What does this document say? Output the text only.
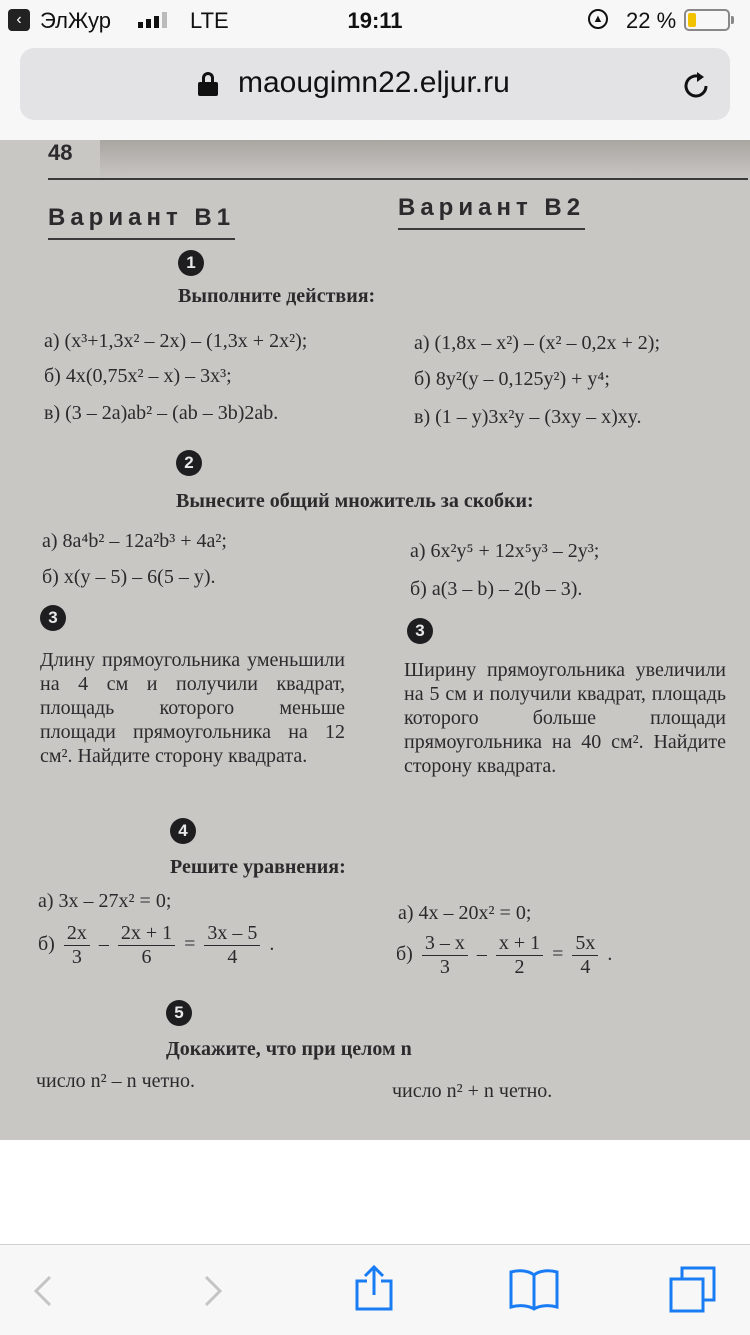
‹ ЭлЖур	LTE	19:11	▲ 22 %
maougimn22.eljur.ru
48
Вариант В1	Вариант В2
1
Выполните действия:
а) (x³+1,3x² – 2x) – (1,3x + 2x²);
б) 4x(0,75x² – x) – 3x³;
в) (3 – 2a)ab² – (ab – 3b)2ab.
а) (1,8x – x²) – (x² – 0,2x + 2);
б) 8y²(y – 0,125y²) + y⁴;
в) (1 – y)3x²y – (3xy – x)xy.
2
Вынесите общий множитель за скобки:
а) 8a⁴b² – 12a²b³ + 4a²;
б) x(y – 5) – 6(5 – y).
а) 6x²y⁵ + 12x⁵y³ – 2y³;
б) a(3 – b) – 2(b – 3).
3
Длину прямоугольника уменьшили на 4 см и получили квадрат, площадь которого меньше площади прямоугольника на 12 см². Найдите сторону квадрата.
3
Ширину прямоугольника увеличили на 5 см и получили квадрат, площадь которого больше площади прямоугольника на 40 см². Найдите сторону квадрата.
4
Решите уравнения:
а) 3x – 27x² = 0;
$б) \frac{2x}{3} - \frac{2x + 1}{6} = \frac{3x - 5}{4}$ .
а) 4x – 20x² = 0;
$б) \frac{3 - x}{3} - \frac{x + 1}{2} = \frac{5x}{4}$ .
5
Докажите, что при целом n
число n² – n четно.	число n² + n четно.
